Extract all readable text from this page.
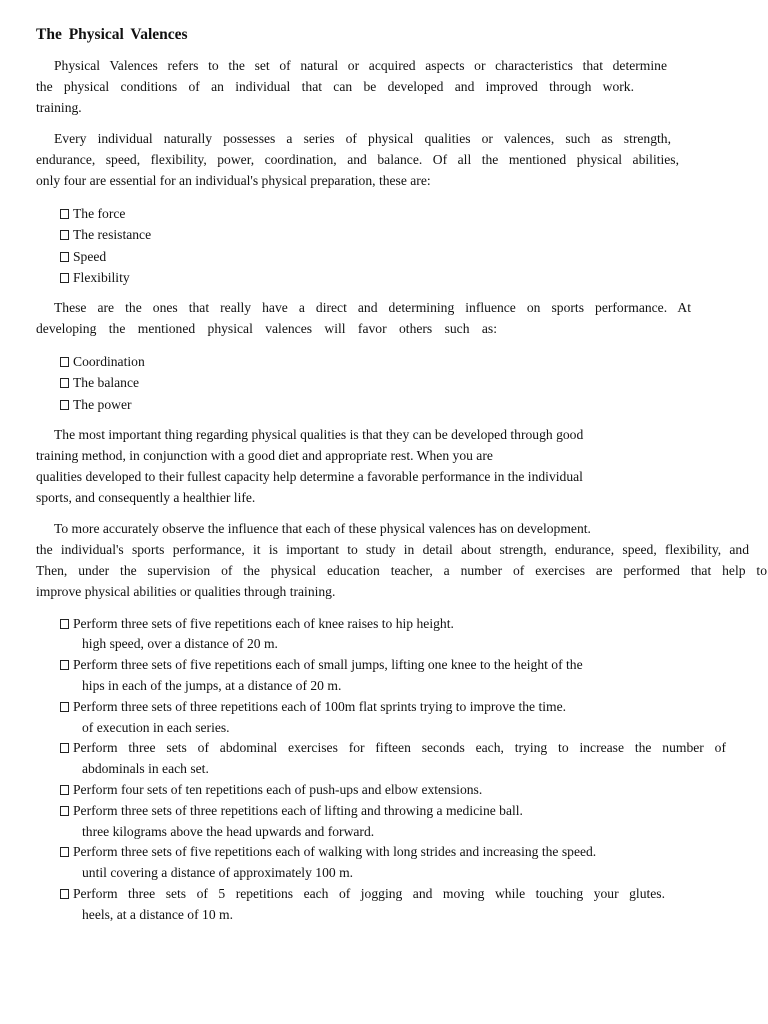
The Physical Valences
Physical Valences refers to the set of natural or acquired aspects or characteristics that determine
the physical conditions of an individual that can be developed and improved through work.
training.
Every individual naturally possesses a series of physical qualities or valences, such as strength,
endurance, speed, flexibility, power, coordination, and balance. Of all the mentioned physical abilities,
only four are essential for an individual's physical preparation, these are:
The force
The resistance
Speed
Flexibility
These are the ones that really have a direct and determining influence on sports performance. At
developing the mentioned physical valences will favor others such as:
Coordination
The balance
The power
The most important thing regarding physical qualities is that they can be developed through good
training method, in conjunction with a good diet and appropriate rest. When you are
qualities developed to their fullest capacity help determine a favorable performance in the individual
sports, and consequently a healthier life.
To more accurately observe the influence that each of these physical valences has on development.
the individual's sports performance, it is important to study in detail about strength, endurance, speed, flexibility, and
Then, under the supervision of the physical education teacher, a number of exercises are performed that help to
improve physical abilities or qualities through training.
Perform three sets of five repetitions each of knee raises to hip height.
high speed, over a distance of 20 m.
Perform three sets of five repetitions each of small jumps, lifting one knee to the height of the
hips in each of the jumps, at a distance of 20 m.
Perform three sets of three repetitions each of 100m flat sprints trying to improve the time.
of execution in each series.
Perform three sets of abdominal exercises for fifteen seconds each, trying to increase the number of
abdominals in each set.
Perform four sets of ten repetitions each of push-ups and elbow extensions.
Perform three sets of three repetitions each of lifting and throwing a medicine ball.
three kilograms above the head upwards and forward.
Perform three sets of five repetitions each of walking with long strides and increasing the speed.
until covering a distance of approximately 100 m.
Perform three sets of 5 repetitions each of jogging and moving while touching your glutes.
heels, at a distance of 10 m.
